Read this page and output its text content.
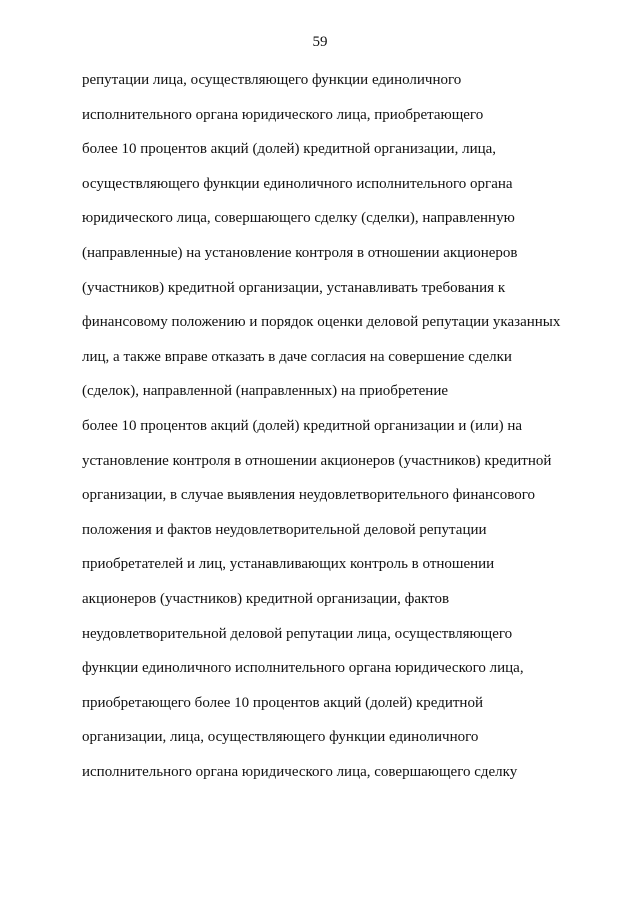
59
репутации лица, осуществляющего функции единоличного
исполнительного органа юридического лица, приобретающего
более 10 процентов акций (долей) кредитной организации, лица,
осуществляющего функции единоличного исполнительного органа
юридического лица, совершающего сделку (сделки), направленную
(направленные) на установление контроля в отношении акционеров
(участников) кредитной организации, устанавливать требования к
финансовому положению и порядок оценки деловой репутации указанных
лиц, а также вправе отказать в даче согласия на совершение сделки
(сделок), направленной (направленных) на приобретение
более 10 процентов акций (долей) кредитной организации и (или) на
установление контроля в отношении акционеров (участников) кредитной
организации, в случае выявления неудовлетворительного финансового
положения и фактов неудовлетворительной деловой репутации
приобретателей и лиц, устанавливающих контроль в отношении
акционеров (участников) кредитной организации, фактов
неудовлетворительной деловой репутации лица, осуществляющего
функции единоличного исполнительного органа юридического лица,
приобретающего более 10 процентов акций (долей) кредитной
организации, лица, осуществляющего функции единоличного
исполнительного органа юридического лица, совершающего сделку
